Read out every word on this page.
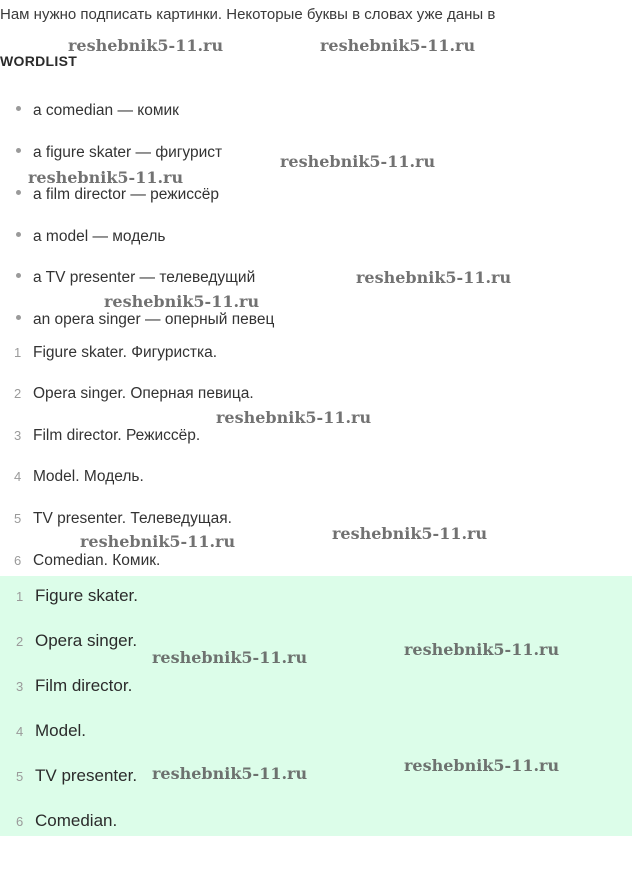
Нам нужно подписать картинки. Некоторые буквы в словах уже даны в
WORDLIST
a comedian — комик
a figure skater — фигурист
a film director — режиссёр
a model — модель
a TV presenter — телеведущий
an opera singer — оперный певец
1 Figure skater. Фигуристка.
2 Opera singer. Оперная певица.
3 Film director. Режиссёр.
4 Model. Модель.
5 TV presenter. Телеведущая.
6 Comedian. Комик.
1 Figure skater.
2 Opera singer.
3 Film director.
4 Model.
5 TV presenter.
6 Comedian.
reshebnik5-11.ru	reshebnik5-11.ru
reshebnik5-11.ru
reshebnik5-11.ru
reshebnik5-11.ru
reshebnik5-11.ru
reshebnik5-11.ru
reshebnik5-11.ru
reshebnik5-11.ru
reshebnik5-11.ru
reshebnik5-11.ru
reshebnik5-11.ru
reshebnik5-11.ru
